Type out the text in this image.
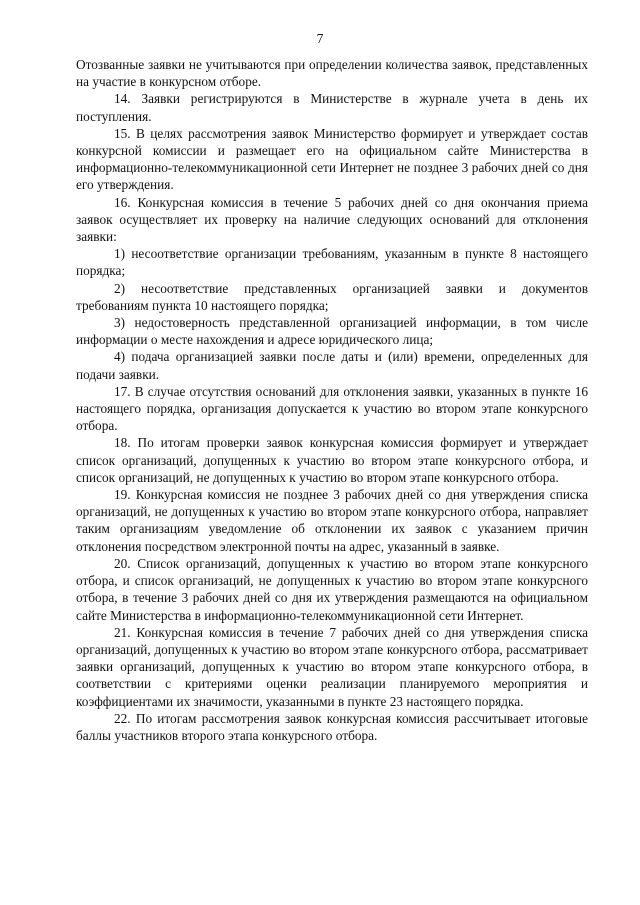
7

Отозванные заявки не учитываются при определении количества заявок, представленных на участие в конкурсном отборе.

14. Заявки регистрируются в Министерстве в журнале учета в день их поступления.

15. В целях рассмотрения заявок Министерство формирует и утверждает состав конкурсной комиссии и размещает его на официальном сайте Министерства в информационно-телекоммуникационной сети Интернет не позднее 3 рабочих дней со дня его утверждения.

16. Конкурсная комиссия в течение 5 рабочих дней со дня окончания приема заявок осуществляет их проверку на наличие следующих оснований для отклонения заявки:

1) несоответствие организации требованиям, указанным в пункте 8 настоящего порядка;

2) несоответствие представленных организацией заявки и документов требованиям пункта 10 настоящего порядка;

3) недостоверность представленной организацией информации, в том числе информации о месте нахождения и адресе юридического лица;

4) подача организацией заявки после даты и (или) времени, определенных для подачи заявки.

17. В случае отсутствия оснований для отклонения заявки, указанных в пункте 16 настоящего порядка, организация допускается к участию во втором этапе конкурсного отбора.

18. По итогам проверки заявок конкурсная комиссия формирует и утверждает список организаций, допущенных к участию во втором этапе конкурсного отбора, и список организаций, не допущенных к участию во втором этапе конкурсного отбора.

19. Конкурсная комиссия не позднее 3 рабочих дней со дня утверждения списка организаций, не допущенных к участию во втором этапе конкурсного отбора, направляет таким организациям уведомление об отклонении их заявок с указанием причин отклонения посредством электронной почты на адрес, указанный в заявке.

20. Список организаций, допущенных к участию во втором этапе конкурсного отбора, и список организаций, не допущенных к участию во втором этапе конкурсного отбора, в течение 3 рабочих дней со дня их утверждения размещаются на официальном сайте Министерства в информационно-телекоммуникационной сети Интернет.

21. Конкурсная комиссия в течение 7 рабочих дней со дня утверждения списка организаций, допущенных к участию во втором этапе конкурсного отбора, рассматривает заявки организаций, допущенных к участию во втором этапе конкурсного отбора, в соответствии с критериями оценки реализации планируемого мероприятия и коэффициентами их значимости, указанными в пункте 23 настоящего порядка.

22. По итогам рассмотрения заявок конкурсная комиссия рассчитывает итоговые баллы участников второго этапа конкурсного отбора.
